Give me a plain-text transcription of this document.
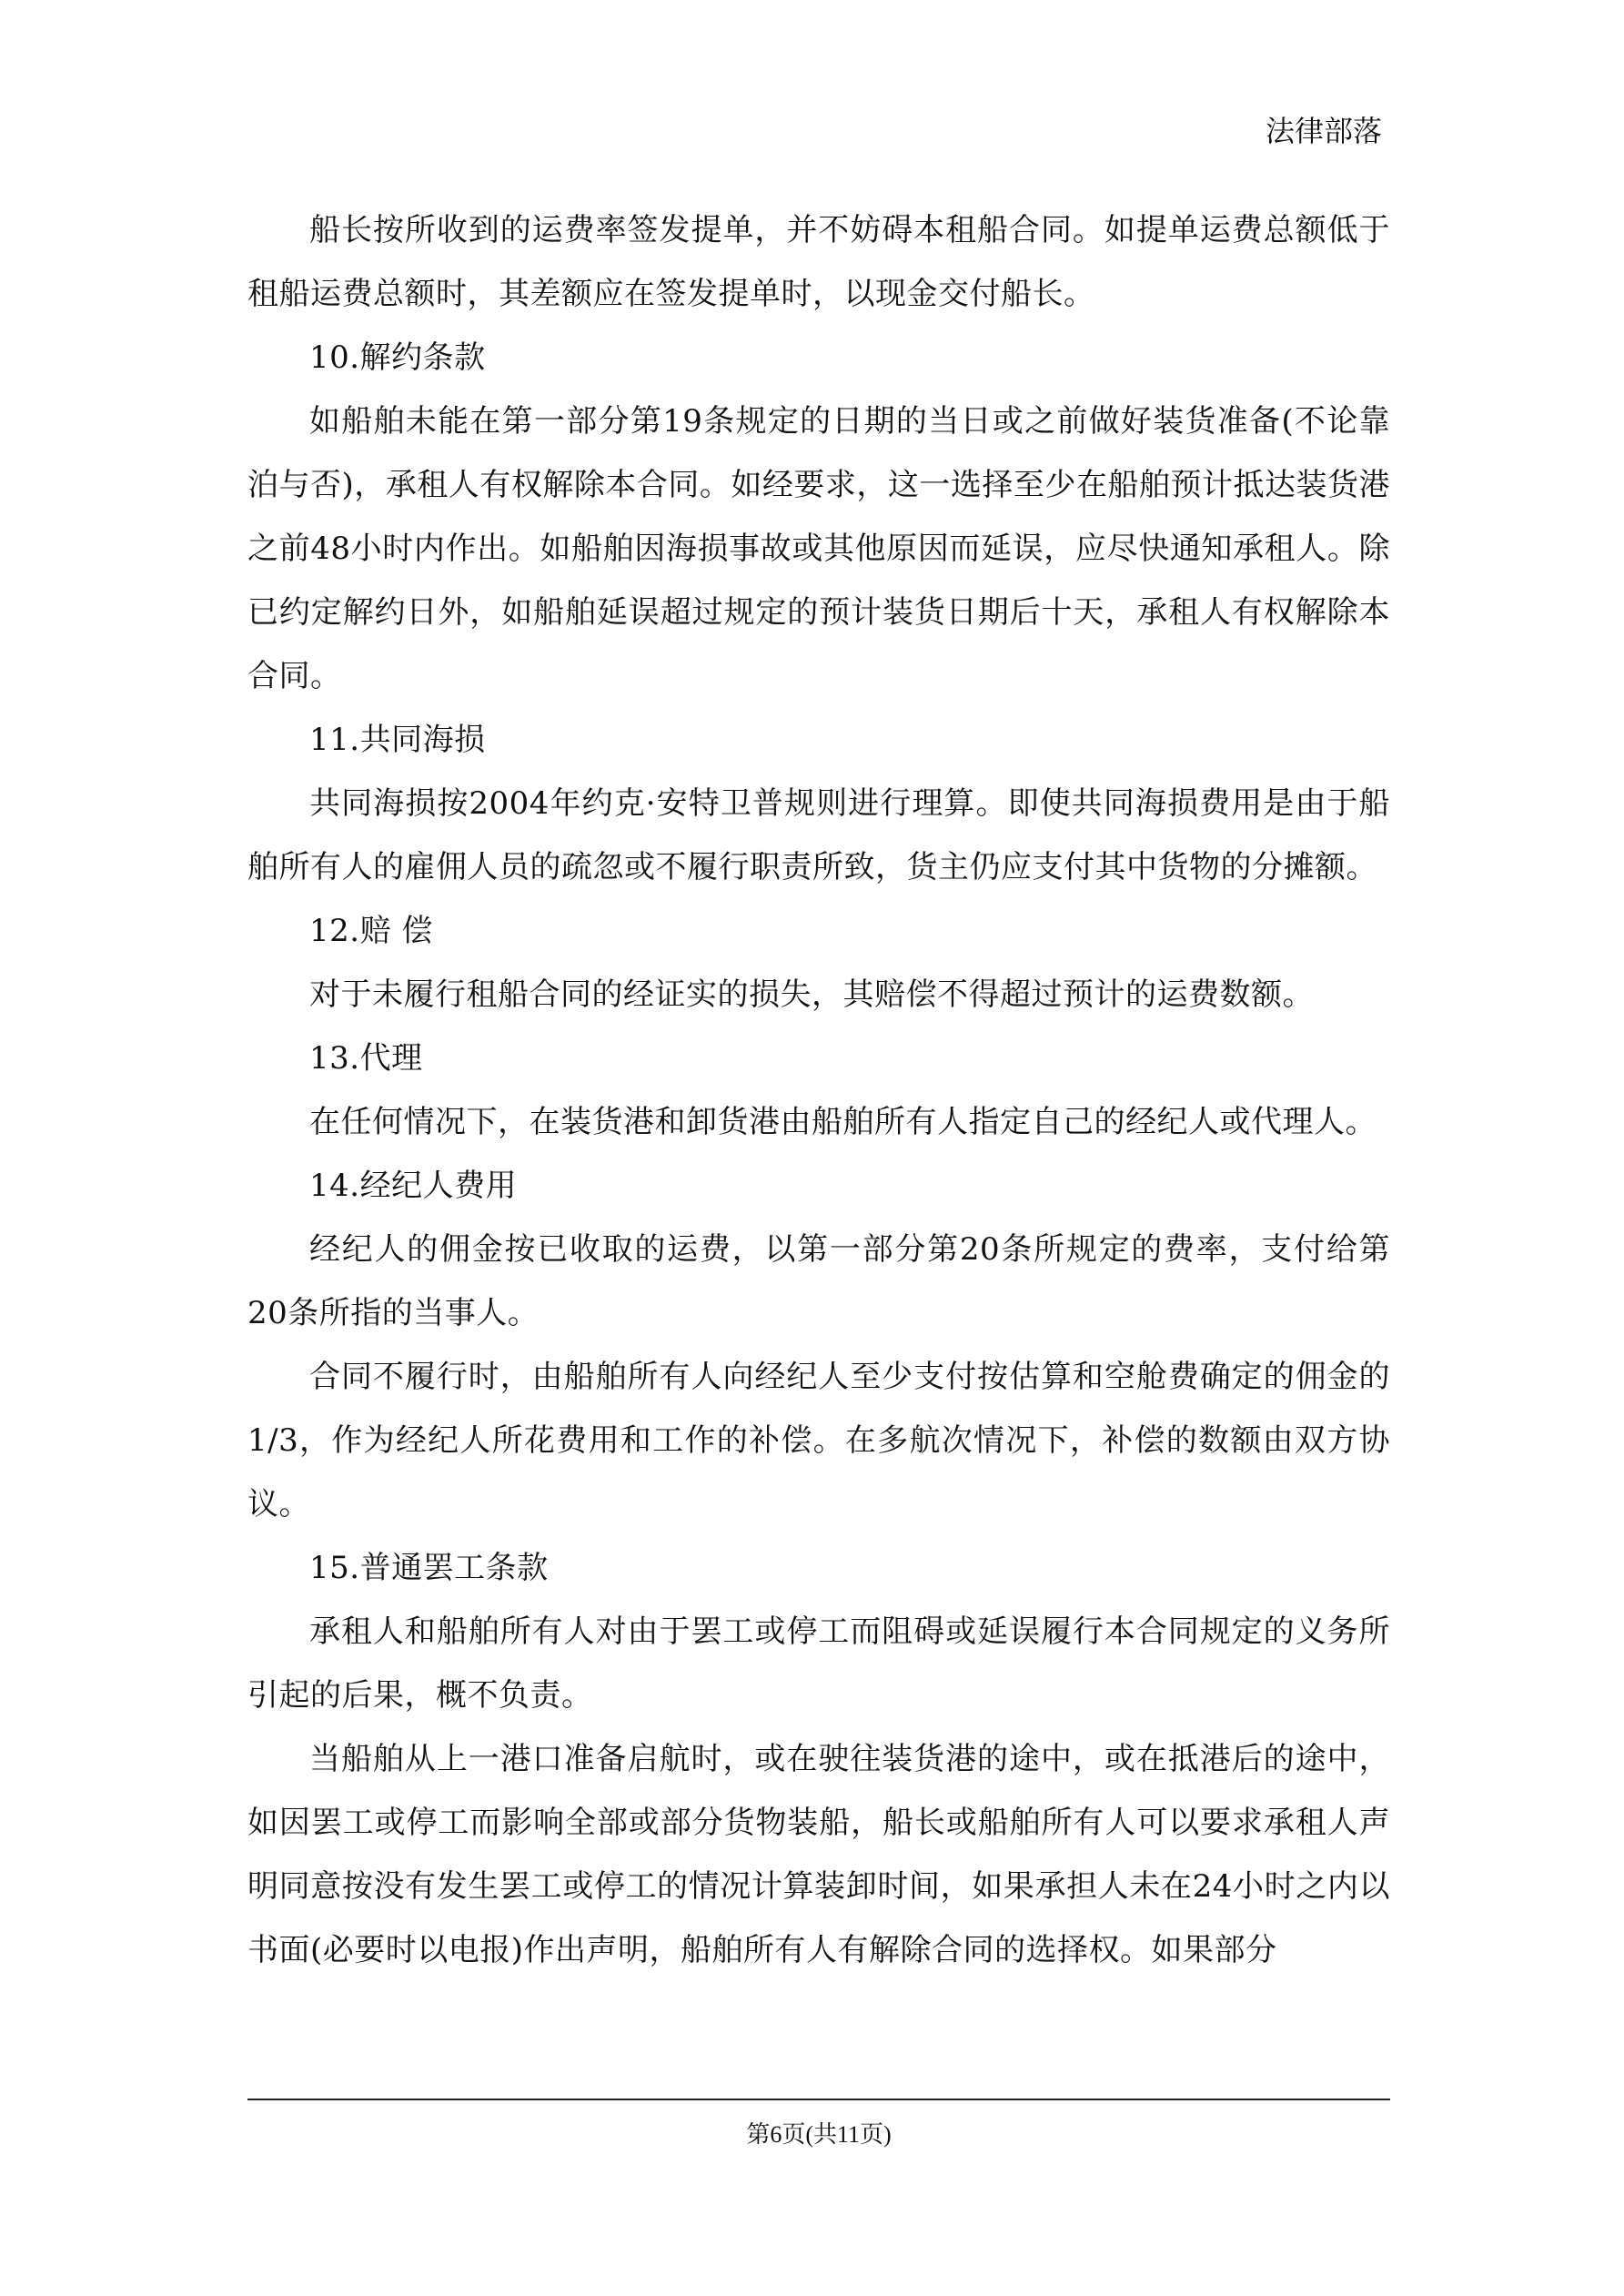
法律部落

船长按所收到的运费率签发提单，并不妨碍本租船合同。如提单运费总额低于租船运费总额时，其差额应在签发提单时，以现金交付船长。

10.解约条款

如船舶未能在第一部分第19条规定的日期的当日或之前做好装货准备(不论靠泊与否)，承租人有权解除本合同。如经要求，这一选择至少在船舶预计抵达装货港之前48小时内作出。如船舶因海损事故或其他原因而延误，应尽快通知承租人。除已约定解约日外，如船舶延误超过规定的预计装货日期后十天，承租人有权解除本合同。

11.共同海损

共同海损按2004年约克·安特卫普规则进行理算。即使共同海损费用是由于船舶所有人的雇佣人员的疏忽或不履行职责所致，货主仍应支付其中货物的分摊额。

12.赔 偿

对于未履行租船合同的经证实的损失，其赔偿不得超过预计的运费数额。

13.代理

在任何情况下，在装货港和卸货港由船舶所有人指定自己的经纪人或代理人。

14.经纪人费用

经纪人的佣金按已收取的运费，以第一部分第20条所规定的费率，支付给第20条所指的当事人。

合同不履行时，由船舶所有人向经纪人至少支付按估算和空舱费确定的佣金的1/3，作为经纪人所花费用和工作的补偿。在多航次情况下，补偿的数额由双方协议。

15.普通罢工条款

承租人和船舶所有人对由于罢工或停工而阻碍或延误履行本合同规定的义务所引起的后果，概不负责。

当船舶从上一港口准备启航时，或在驶往装货港的途中，或在抵港后的途中，如因罢工或停工而影响全部或部分货物装船，船长或船舶所有人可以要求承租人声明同意按没有发生罢工或停工的情况计算装卸时间，如果承担人未在24小时之内以书面(必要时以电报)作出声明，船舶所有人有解除合同的选择权。如果部分

第6页(共11页)
